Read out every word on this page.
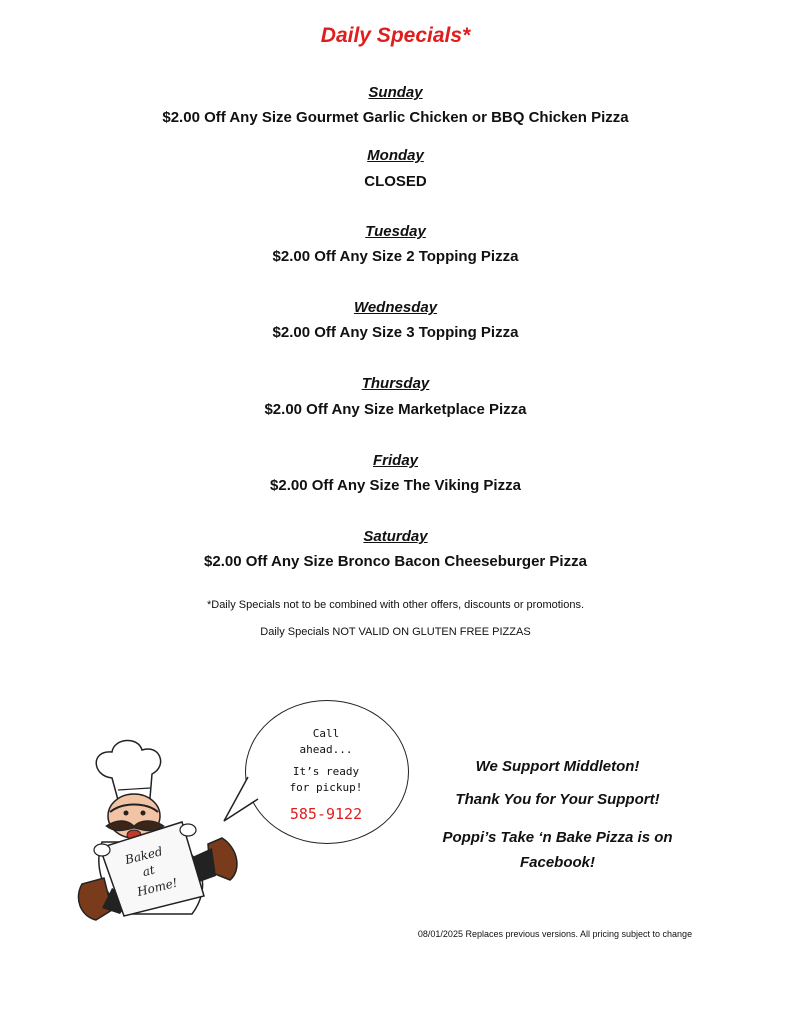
Daily Specials*
Sunday
$2.00 Off Any Size Gourmet Garlic Chicken or BBQ Chicken Pizza
Monday
CLOSED
Tuesday
$2.00 Off Any Size 2 Topping Pizza
Wednesday
$2.00 Off Any Size 3 Topping Pizza
Thursday
$2.00 Off Any Size Marketplace Pizza
Friday
$2.00 Off Any Size The Viking Pizza
Saturday
$2.00 Off Any Size Bronco Bacon Cheeseburger Pizza
*Daily Specials not to be combined with other offers, discounts or promotions.
Daily Specials NOT VALID ON GLUTEN FREE PIZZAS
Baked
at
Home!
Call
ahead...
It’s ready
for pickup!
585-9122
We Support Middleton!
Thank You for Your Support!
Poppi’s Take ‘n Bake Pizza is on
Facebook!
08/01/2025 Replaces previous versions. All pricing subject to change
